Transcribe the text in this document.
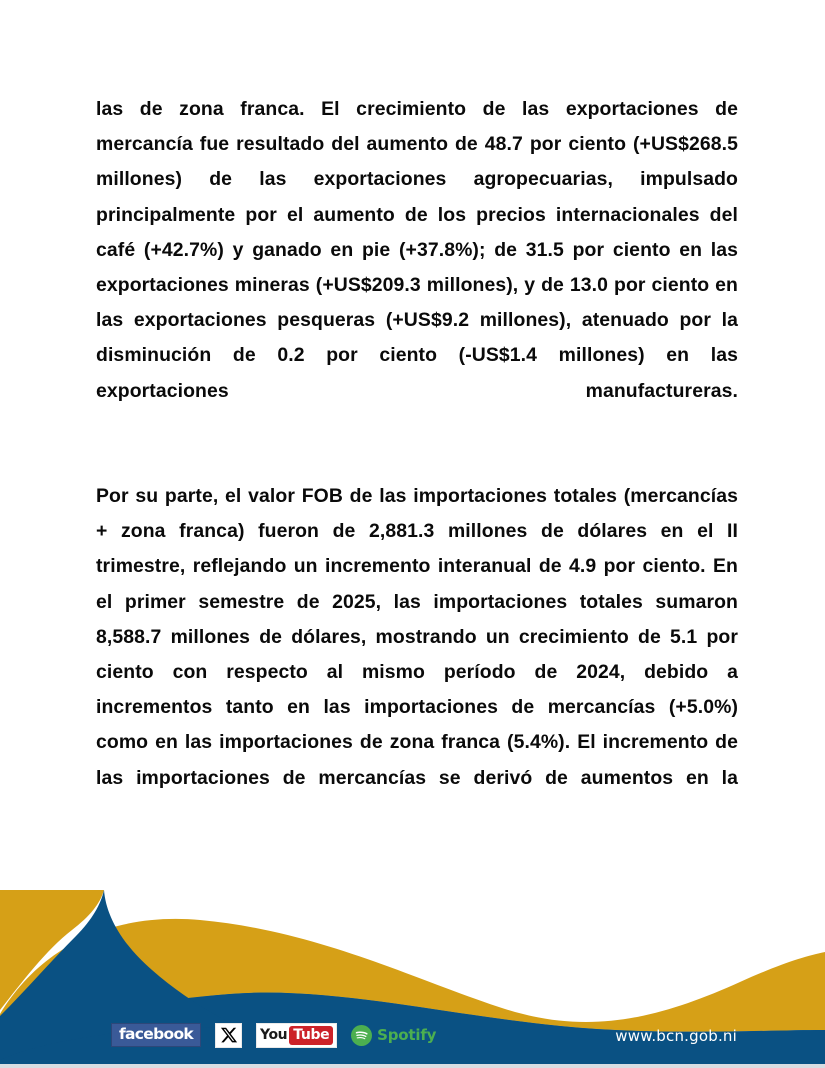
las de zona franca. El crecimiento de las exportaciones de mercancía fue resultado del aumento de 48.7 por ciento (+US$268.5 millones) de las exportaciones agropecuarias, impulsado principalmente por el aumento de los precios internacionales del café (+42.7%) y ganado en pie (+37.8%); de 31.5 por ciento en las exportaciones mineras (+US$209.3 millones), y de 13.0 por ciento en las exportaciones pesqueras (+US$9.2 millones), atenuado por la disminución de 0.2 por ciento (-US$1.4 millones) en las exportaciones manufactureras.

Por su parte, el valor FOB de las importaciones totales (mercancías + zona franca) fueron de 2,881.3 millones de dólares en el II trimestre, reflejando un incremento interanual de 4.9 por ciento. En el primer semestre de 2025, las importaciones totales sumaron 8,588.7 millones de dólares, mostrando un crecimiento de 5.1 por ciento con respecto al mismo período de 2024, debido a incrementos tanto en las importaciones de mercancías (+5.0%) como en las importaciones de zona franca (5.4%). El incremento de las importaciones de mercancías se derivó de aumentos en la

facebook	You Tube	Spotify	www.bcn.gob.ni
